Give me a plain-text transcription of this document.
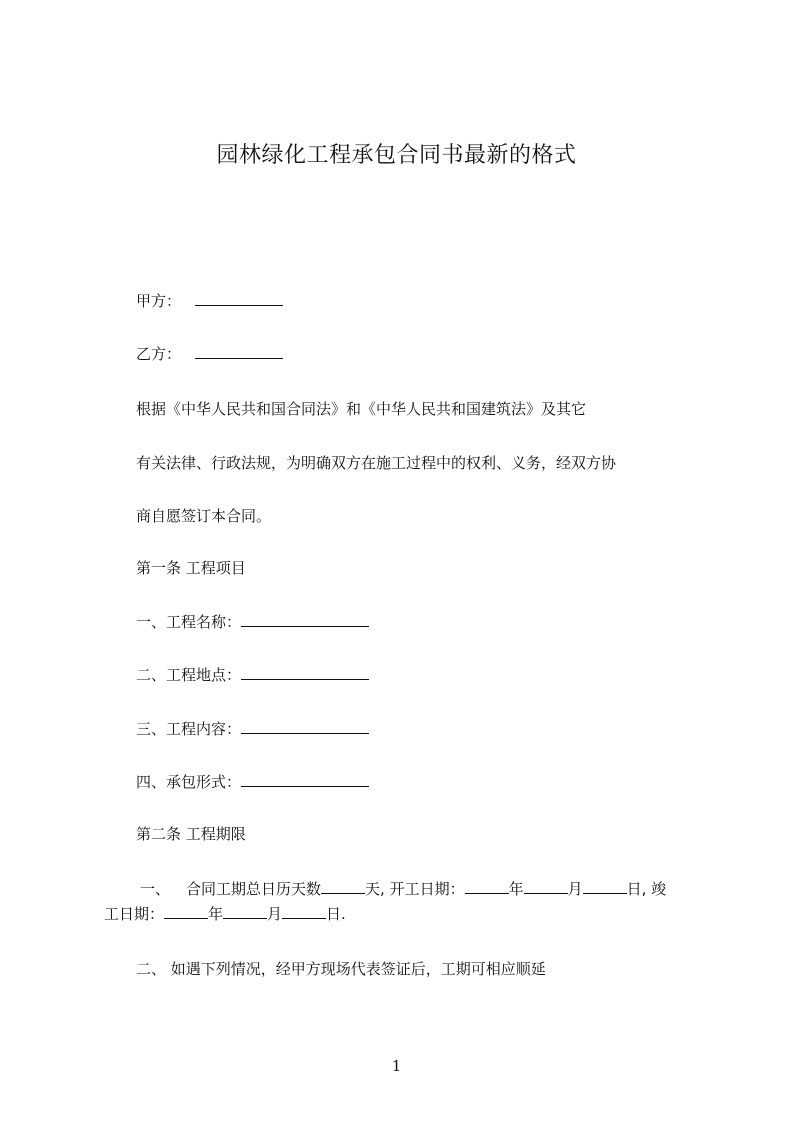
园林绿化工程承包合同书最新的格式
甲方：
乙方：
根据《中华人民共和国合同法》和《中华人民共和国建筑法》及其它
有关法律、行政法规，为明确双方在施工过程中的权利、义务，经双方协
商自愿签订本合同。
第一条 工程项目
一、工程名称：
二、工程地点：
三、工程内容：
四、承包形式：
第二条 工程期限
一、 合同工期总日历天数	天, 开工日期：	年	月	日, 竣
工日期：	年	月	日.
二、 如遇下列情况，经甲方现场代表签证后，工期可相应顺延
1
